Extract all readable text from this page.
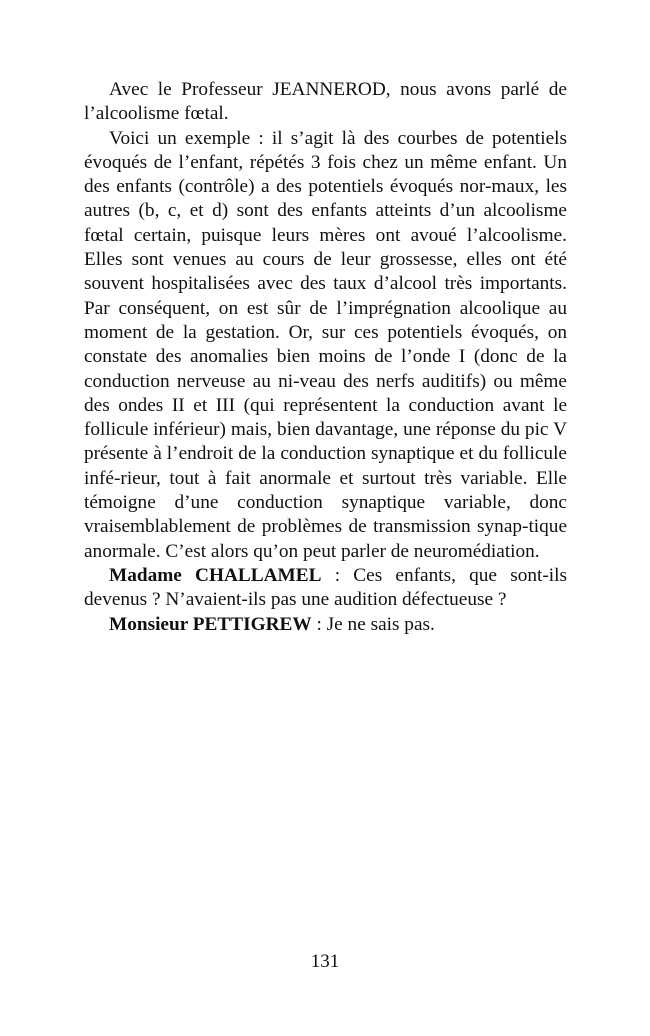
Avec le Professeur JEANNEROD, nous avons parlé de l’alcoolisme fœtal.

Voici un exemple : il s’agit là des courbes de potentiels évoqués de l’enfant, répétés 3 fois chez un même enfant. Un des enfants (contrôle) a des potentiels évoqués nor-maux, les autres (b, c, et d) sont des enfants atteints d’un alcoolisme fœtal certain, puisque leurs mères ont avoué l’alcoolisme. Elles sont venues au cours de leur grossesse, elles ont été souvent hospitalisées avec des taux d’alcool très importants. Par conséquent, on est sûr de l’imprégnation alcoolique au moment de la gestation. Or, sur ces potentiels évoqués, on constate des anomalies bien moins de l’onde I (donc de la conduction nerveuse au ni-veau des nerfs auditifs) ou même des ondes II et III (qui représentent la conduction avant le follicule inférieur) mais, bien davantage, une réponse du pic V présente à l’endroit de la conduction synaptique et du follicule infé-rieur, tout à fait anormale et surtout très variable. Elle témoigne d’une conduction synaptique variable, donc vraisemblablement de problèmes de transmission synap-tique anormale. C’est alors qu’on peut parler de neuromédiation.

Madame CHALLAMEL : Ces enfants, que sont-ils devenus ? N’avaient-ils pas une audition défectueuse ?

Monsieur PETTIGREW : Je ne sais pas.

131
